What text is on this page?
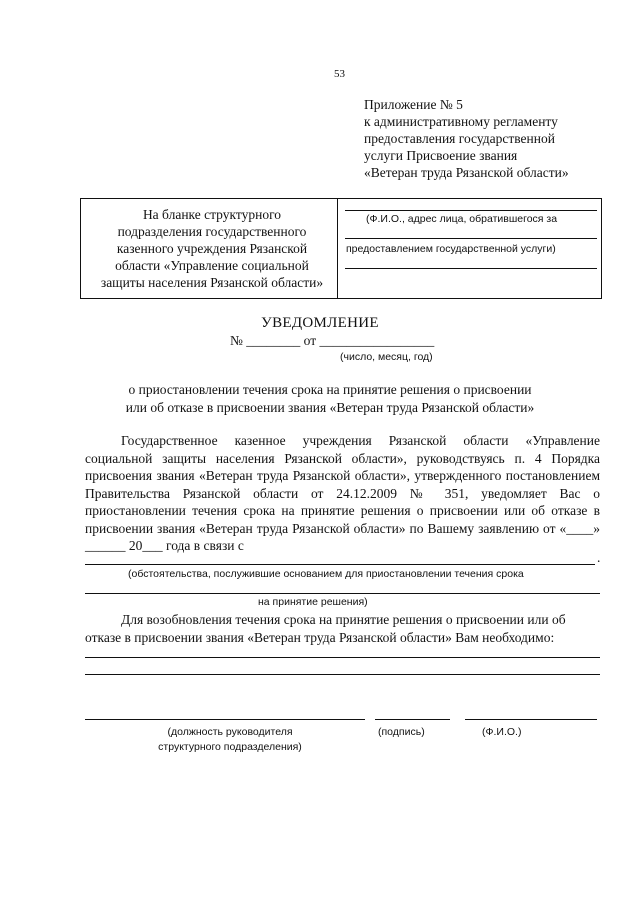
53
Приложение № 5
к административному регламенту
предоставления государственной
услуги Присвоение звания
«Ветеран труда Рязанской области»
На бланке структурного
подразделения государственного
казенного учреждения Рязанской
области «Управление социальной
защиты населения Рязанской области»
(Ф.И.О., адрес лица, обратившегося за
предоставлением государственной услуги)
УВЕДОМЛЕНИЕ
№ ________ от _________________
(число, месяц, год)
о приостановлении течения срока на принятие решения о присвоении
или об отказе в присвоении звания «Ветеран труда Рязанской области»
Государственное казенное учреждения Рязанской области «Управление социальной защиты населения Рязанской области», руководствуясь п. 4 Порядка присвоения звания «Ветеран труда Рязанской области», утвержденного постановлением Правительства Рязанской области от 24.12.2009 № 351, уведомляет Вас о приостановлении течения срока на принятие решения о присвоении или об отказе в присвоении звания «Ветеран труда Рязанской области» по Вашему заявлению от «____» ______ 20___ года в связи с
.
(обстоятельства, послужившие основанием для приостановлении течения срока
на принятие решения)
Для возобновления течения срока на принятие решения о присвоении или об отказе в присвоении звания «Ветеран труда Рязанской области» Вам необходимо:
(должность руководителя
структурного подразделения)
(подпись)	(Ф.И.О.)
